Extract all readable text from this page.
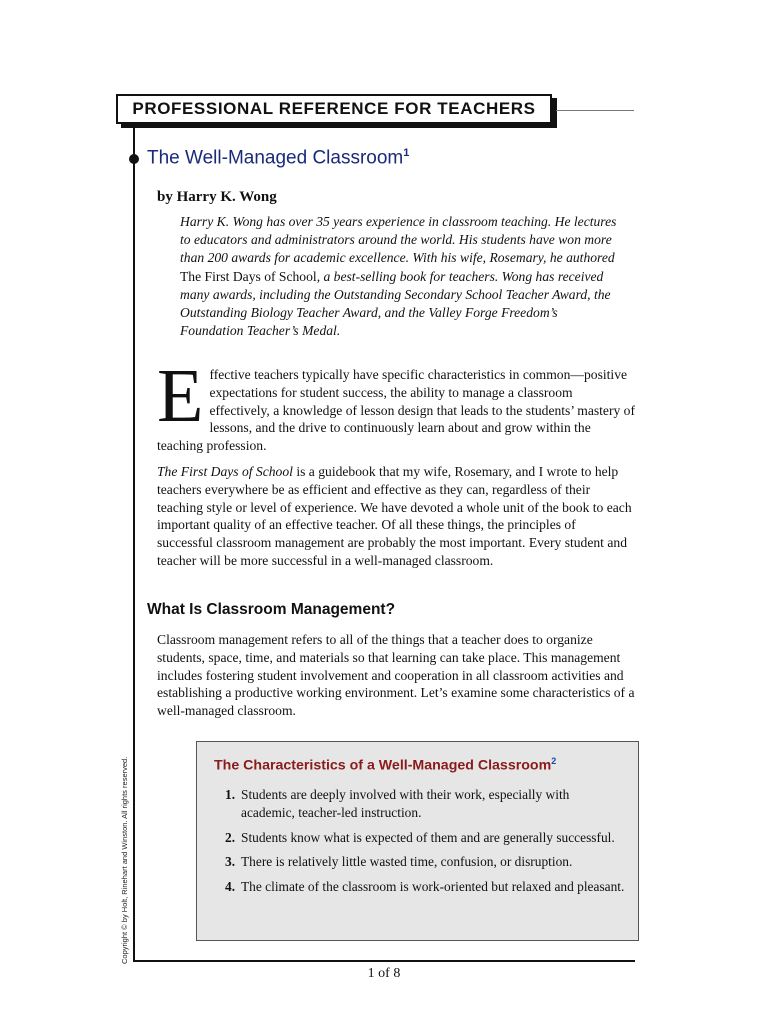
PROFESSIONAL REFERENCE FOR TEACHERS
The Well-Managed Classroom$^1$
by Harry K. Wong

Harry K. Wong has over 35 years experience in classroom teaching. He lectures to educators and administrators around the world. His students have won more than 200 awards for academic excellence. With his wife, Rosemary, he authored The First Days of School, a best-selling book for teachers. Wong has received many awards, including the Outstanding Secondary School Teacher Award, the Outstanding Biology Teacher Award, and the Valley Forge Freedom’s Foundation Teacher’s Medal.

Effective teachers typically have specific characteristics in common—positive expectations for student success, the ability to manage a classroom effectively, a knowledge of lesson design that leads to the students’ mastery of lessons, and the drive to continuously learn about and grow within the teaching profession.

The First Days of School is a guidebook that my wife, Rosemary, and I wrote to help teachers everywhere be as efficient and effective as they can, regardless of their teaching style or level of experience. We have devoted a whole unit of the book to each important quality of an effective teacher. Of all these things, the principles of successful classroom management are probably the most important. Every student and teacher will be more successful in a well-managed classroom.

What Is Classroom Management?

Classroom management refers to all of the things that a teacher does to organize students, space, time, and materials so that learning can take place. This management includes fostering student involvement and cooperation in all classroom activities and establishing a productive working environment. Let’s examine some characteristics of a well-managed classroom.

The Characteristics of a Well-Managed Classroom$^2$
1. Students are deeply involved with their work, especially with academic, teacher-led instruction.
2. Students know what is expected of them and are generally successful.
3. There is relatively little wasted time, confusion, or disruption.
4. The climate of the classroom is work-oriented but relaxed and pleasant.
Copyright © by Holt, Rinehart and Winston. All rights reserved.
1 of 8
